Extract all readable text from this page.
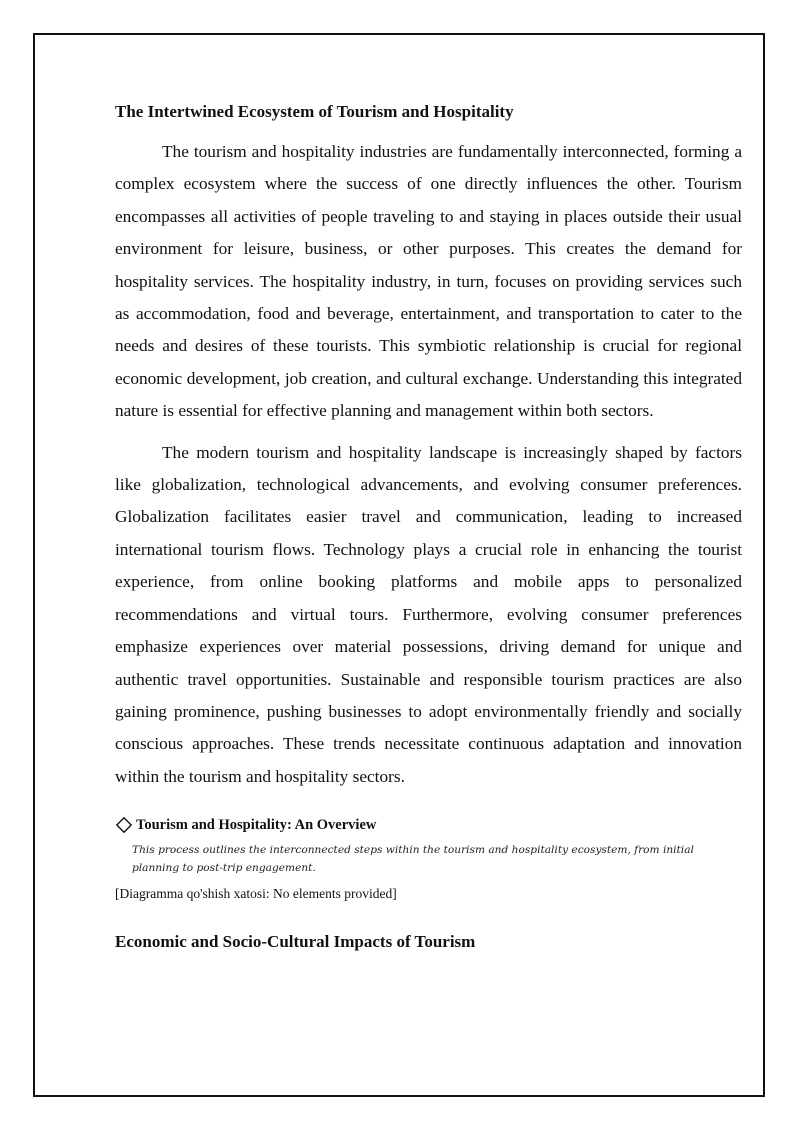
The Intertwined Ecosystem of Tourism and Hospitality

The tourism and hospitality industries are fundamentally interconnected, forming a complex ecosystem where the success of one directly influences the other. Tourism encompasses all activities of people traveling to and staying in places outside their usual environment for leisure, business, or other purposes. This creates the demand for hospitality services. The hospitality industry, in turn, focuses on providing services such as accommodation, food and beverage, entertainment, and transportation to cater to the needs and desires of these tourists. This symbiotic relationship is crucial for regional economic development, job creation, and cultural exchange. Understanding this integrated nature is essential for effective planning and management within both sectors.

The modern tourism and hospitality landscape is increasingly shaped by factors like globalization, technological advancements, and evolving consumer preferences. Globalization facilitates easier travel and communication, leading to increased international tourism flows. Technology plays a crucial role in enhancing the tourist experience, from online booking platforms and mobile apps to personalized recommendations and virtual tours. Furthermore, evolving consumer preferences emphasize experiences over material possessions, driving demand for unique and authentic travel opportunities. Sustainable and responsible tourism practices are also gaining prominence, pushing businesses to adopt environmentally friendly and socially conscious approaches. These trends necessitate continuous adaptation and innovation within the tourism and hospitality sectors.

Tourism and Hospitality: An Overview
This process outlines the interconnected steps within the tourism and hospitality ecosystem, from initial planning to post-trip engagement.
[Diagramma qo'shish xatosi: No elements provided]
Economic and Socio-Cultural Impacts of Tourism
